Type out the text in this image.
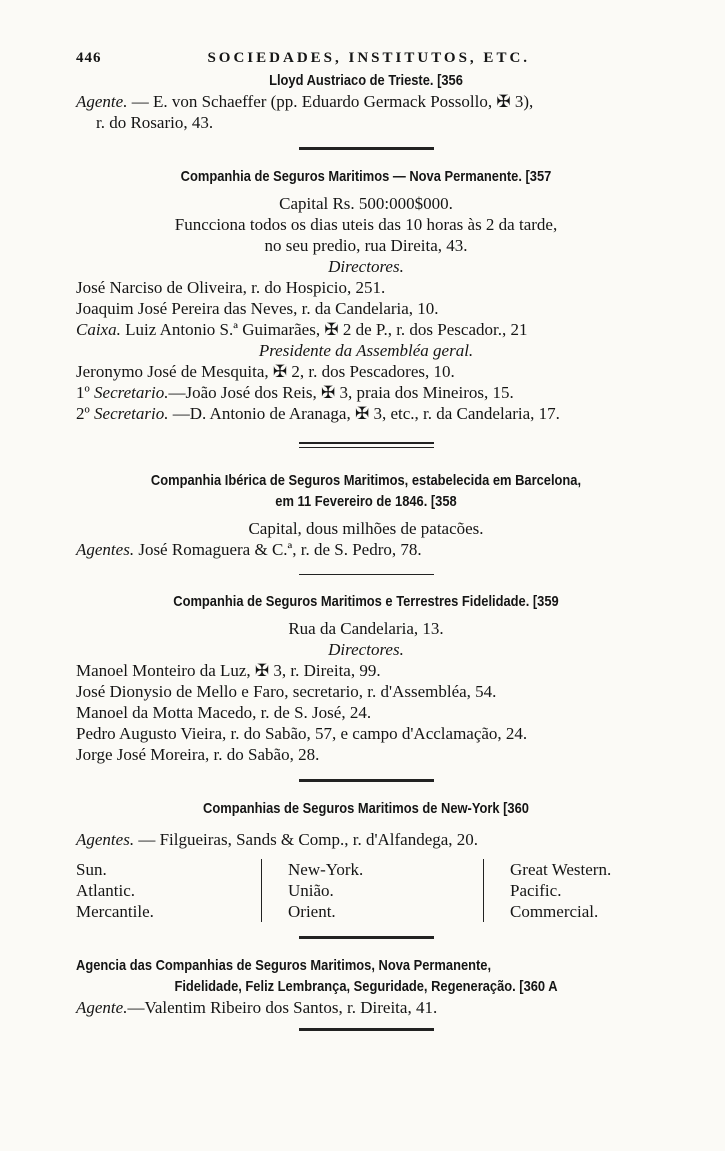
446	SOCIEDADES, INSTITUTOS, ETC.
Lloyd Austriaco de Trieste. [356
Agente. — E. von Schaeffer (pp. Eduardo Germack Possollo, ✠ 3),
r. do Rosario, 43.
Companhia de Seguros Maritimos — Nova Permanente. [357
Capital Rs. 500:000$000.
Funcciona todos os dias uteis das 10 horas às 2 da tarde,
no seu predio, rua Direita, 43.
Directores.
José Narciso de Oliveira, r. do Hospicio, 251.
Joaquim José Pereira das Neves, r. da Candelaria, 10.
Caixa. Luiz Antonio S.ª Guimarães, ✠ 2 de P., r. dos Pescador., 21
Presidente da Assembléa geral.
Jeronymo José de Mesquita, ✠ 2, r. dos Pescadores, 10.
1º Secretario.—João José dos Reis, ✠ 3, praia dos Mineiros, 15.
2º Secretario. —D. Antonio de Aranaga, ✠ 3, etc., r. da Candelaria, 17.
Companhia Ibérica de Seguros Maritimos, estabelecida em Barcelona,
em 11 Fevereiro de 1846. [358
Capital, dous milhões de patacões.
Agentes. José Romaguera & C.ª, r. de S. Pedro, 78.
Companhia de Seguros Maritimos e Terrestres Fidelidade. [359
Rua da Candelaria, 13.
Directores.
Manoel Monteiro da Luz, ✠ 3, r. Direita, 99.
José Dionysio de Mello e Faro, secretario, r. d'Assembléa, 54.
Manoel da Motta Macedo, r. de S. José, 24.
Pedro Augusto Vieira, r. do Sabão, 57, e campo d'Acclamação, 24.
Jorge José Moreira, r. do Sabão, 28.
Companhias de Seguros Maritimos de New-York [360
Agentes. — Filgueiras, Sands & Comp., r. d'Alfandega, 20.
Sun.
Atlantic.
Mercantile.
New-York.
União.
Orient.
Great Western.
Pacific.
Commercial.
Agencia das Companhias de Seguros Maritimos, Nova Permanente,
Fidelidade, Feliz Lembrança, Seguridade, Regeneração. [360 A
Agente.—Valentim Ribeiro dos Santos, r. Direita, 41.
